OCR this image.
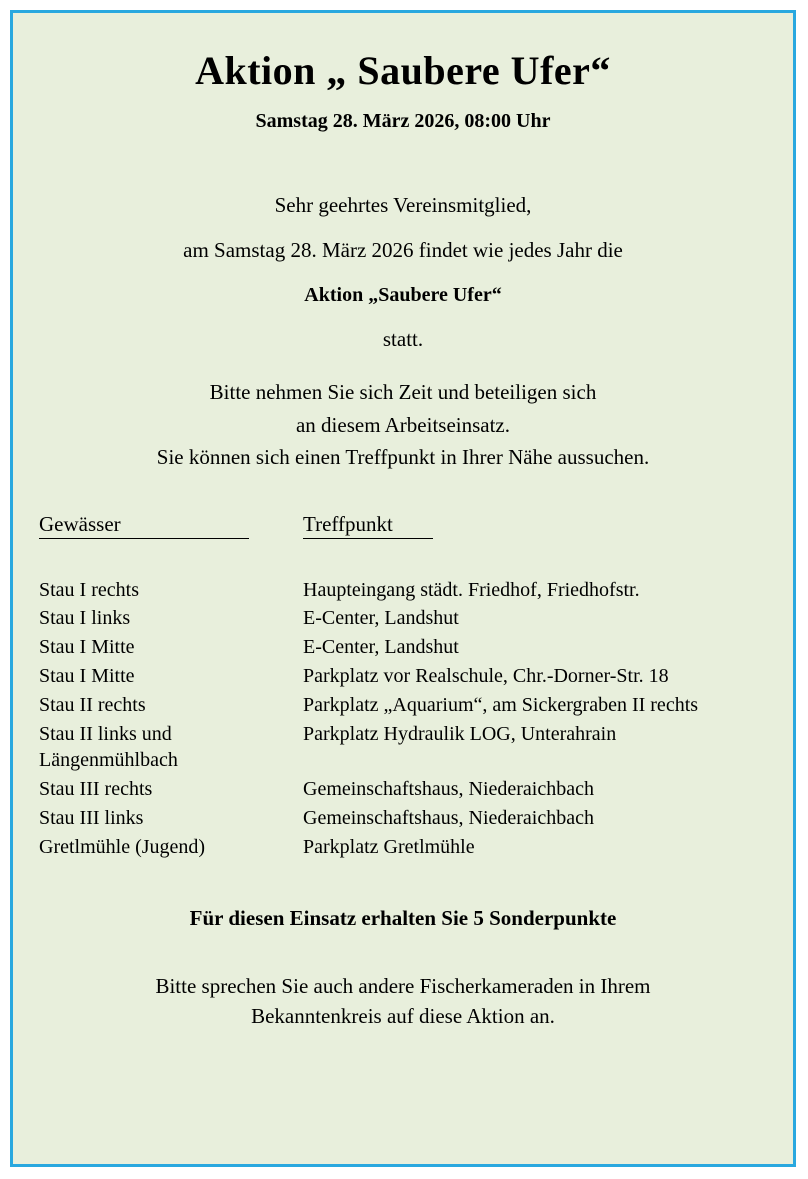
Aktion „ Saubere Ufer“
Samstag 28. März 2026, 08:00 Uhr
Sehr geehrtes Vereinsmitglied,
am Samstag 28. März 2026 findet wie jedes Jahr die
Aktion „Saubere Ufer“
statt.
Bitte nehmen Sie sich Zeit und beteiligen sich
an diesem Arbeitseinsatz.
Sie können sich einen Treffpunkt in Ihrer Nähe aussuchen.
Gewässer	Treffpunkt

Stau I rechts	Haupteingang städt. Friedhof, Friedhofstr.
Stau I links	E-Center, Landshut
Stau I Mitte	E-Center, Landshut
Stau I Mitte	Parkplatz vor Realschule, Chr.-Dorner-Str. 18
Stau II rechts	Parkplatz „Aquarium“, am Sickergraben II rechts
Stau II links und Längenmühlbach	Parkplatz Hydraulik LOG, Unterahrain
Stau III rechts	Gemeinschaftshaus, Niederaichbach
Stau III links	Gemeinschaftshaus, Niederaichbach
Gretlmühle (Jugend)	Parkplatz Gretlmühle
Für diesen Einsatz erhalten Sie 5 Sonderpunkte
Bitte sprechen Sie auch andere Fischerkameraden in Ihrem
Bekanntenkreis auf diese Aktion an.
